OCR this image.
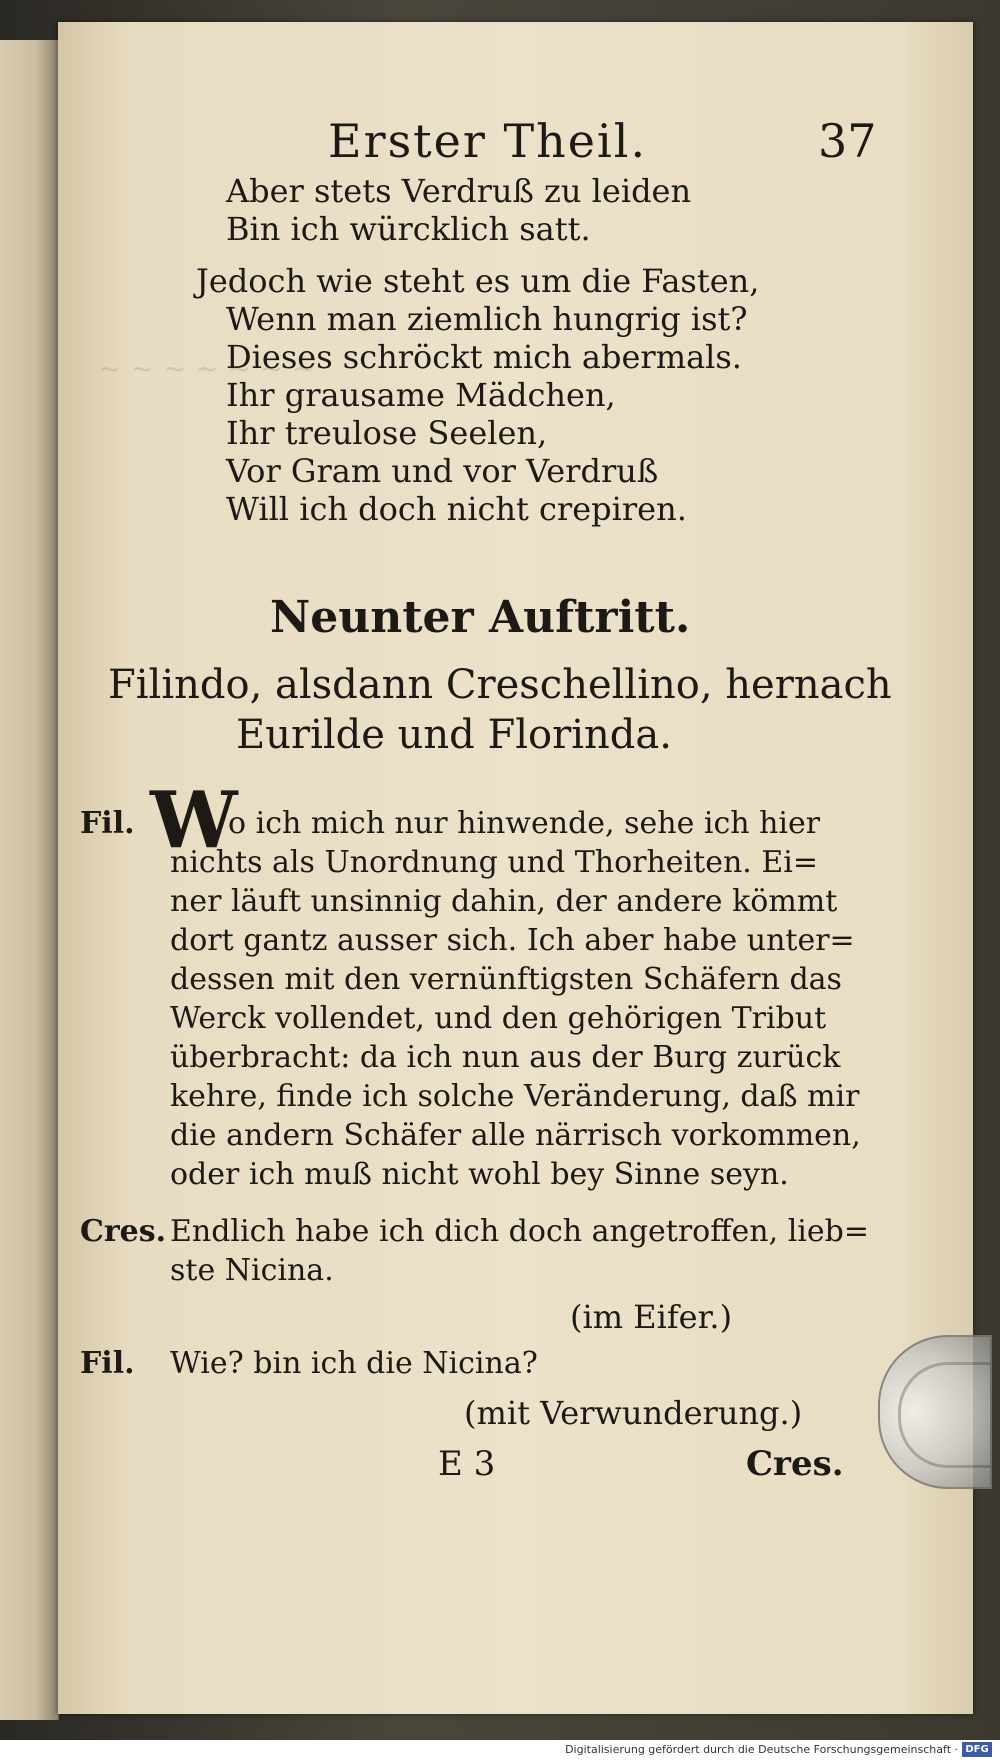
~ ~ ~ ~ ~ ~ ~
Erster Theil.	37
Aber stets Verdruß zu leiden
Bin ich würcklich satt.
Jedoch wie steht es um die Fasten,
Wenn man ziemlich hungrig ist?
Dieses schröckt mich abermals.
Ihr grausame Mädchen,
Ihr treulose Seelen,
Vor Gram und vor Verdruß
Will ich doch nicht crepiren.
Neunter Auftritt.
Filindo, alsdann Creschellino, hernach
Eurilde und Florinda.
Fil. W
o ich mich nur hinwende, sehe ich hier
nichts als Unordnung und Thorheiten. Ei=
ner läuft unsinnig dahin, der andere kömmt
dort gantz ausser sich. Ich aber habe unter=
dessen mit den vernünftigsten Schäfern das
Werck vollendet, und den gehörigen Tribut
überbracht: da ich nun aus der Burg zurück
kehre, finde ich solche Veränderung, daß mir
die andern Schäfer alle närrisch vorkommen,
oder ich muß nicht wohl bey Sinne seyn.
Cres. Endlich habe ich dich doch angetroffen, lieb=
ste Nicina.
(im Eifer.)
Fil. Wie? bin ich die Nicina?
(mit Verwunderung.)
E 3	Cres.
Digitalisierung gefördert durch die Deutsche Forschungsgemeinschaft · DFG
